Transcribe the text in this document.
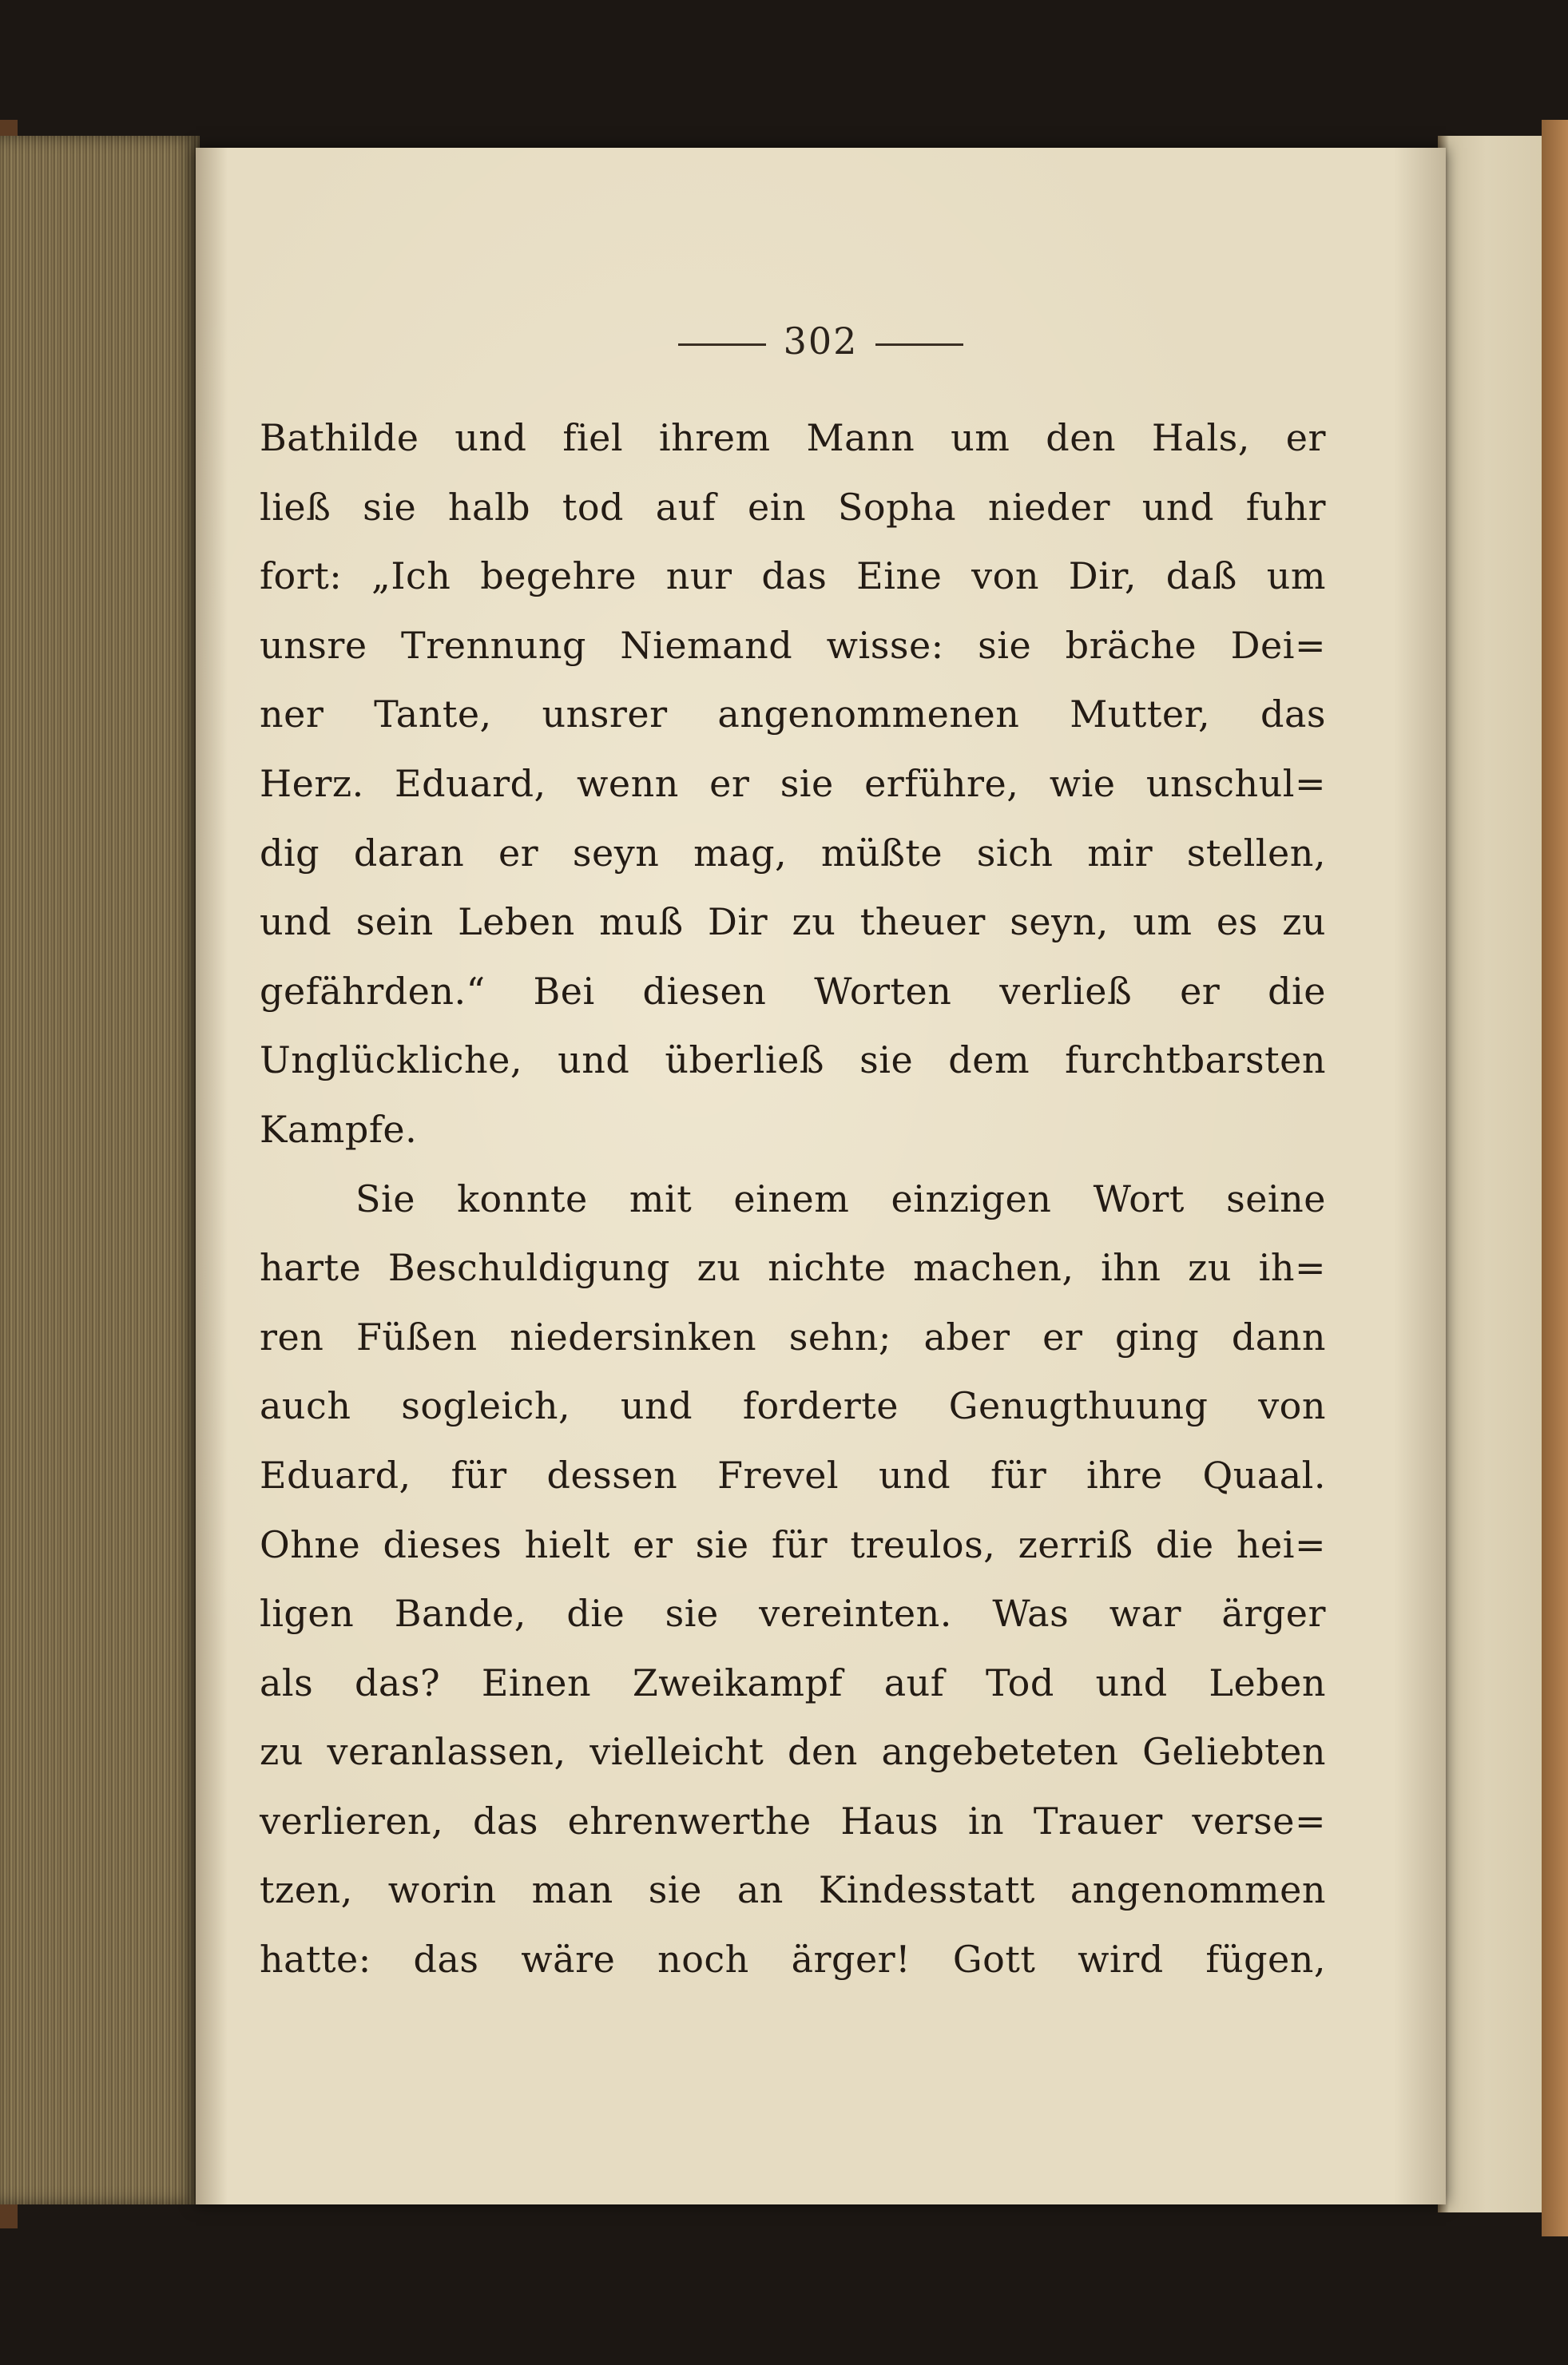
302
Bathilde und fiel ihrem Mann um den Hals, er
ließ sie halb tod auf ein Sopha nieder und fuhr
fort: „Ich begehre nur das Eine von Dir, daß um
unsre Trennung Niemand wisse: sie bräche Dei=
ner Tante, unsrer angenommenen Mutter, das
Herz. Eduard, wenn er sie erführe, wie unschul=
dig daran er seyn mag, müßte sich mir stellen,
und sein Leben muß Dir zu theuer seyn, um es zu
gefährden.“ Bei diesen Worten verließ er die
Unglückliche, und überließ sie dem furchtbarsten
Kampfe.
Sie konnte mit einem einzigen Wort seine
harte Beschuldigung zu nichte machen, ihn zu ih=
ren Füßen niedersinken sehn; aber er ging dann
auch sogleich, und forderte Genugthuung von
Eduard, für dessen Frevel und für ihre Quaal.
Ohne dieses hielt er sie für treulos, zerriß die hei=
ligen Bande, die sie vereinten. Was war ärger
als das? Einen Zweikampf auf Tod und Leben
zu veranlassen, vielleicht den angebeteten Geliebten
verlieren, das ehrenwerthe Haus in Trauer verse=
tzen, worin man sie an Kindesstatt angenommen
hatte: das wäre noch ärger! Gott wird fügen,
